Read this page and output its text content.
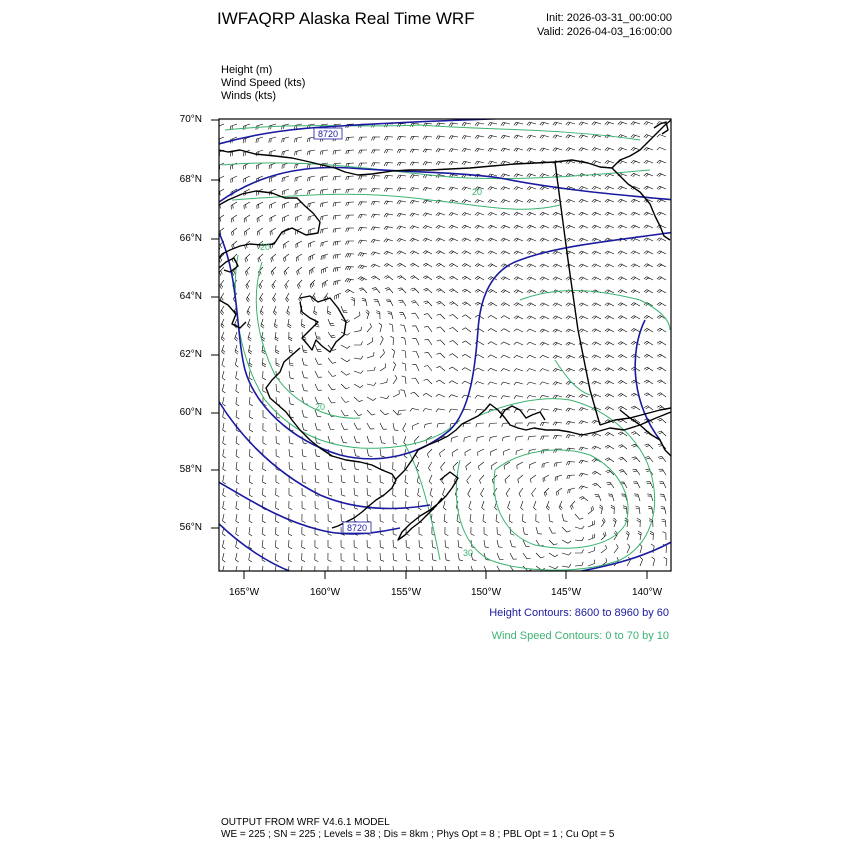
IWFAQRP Alaska Real Time WRF	Init: 2026-03-31_00:00:00
Valid: 2026-04-03_16:00:00
Height (m)
Wind Speed (kts)
Winds (kts)
8720
8720
20
20
20
30
70°N
68°N
66°N
64°N
62°N
60°N
58°N
56°N
165°W	160°W	155°W	150°W	145°W	140°W
Height Contours: 8600 to 8960 by 60
Wind Speed Contours: 0 to 70 by 10
OUTPUT FROM WRF V4.6.1 MODEL
WE = 225 ; SN = 225 ; Levels = 38 ; Dis = 8km ; Phys Opt = 8 ; PBL Opt = 1 ; Cu Opt = 5
